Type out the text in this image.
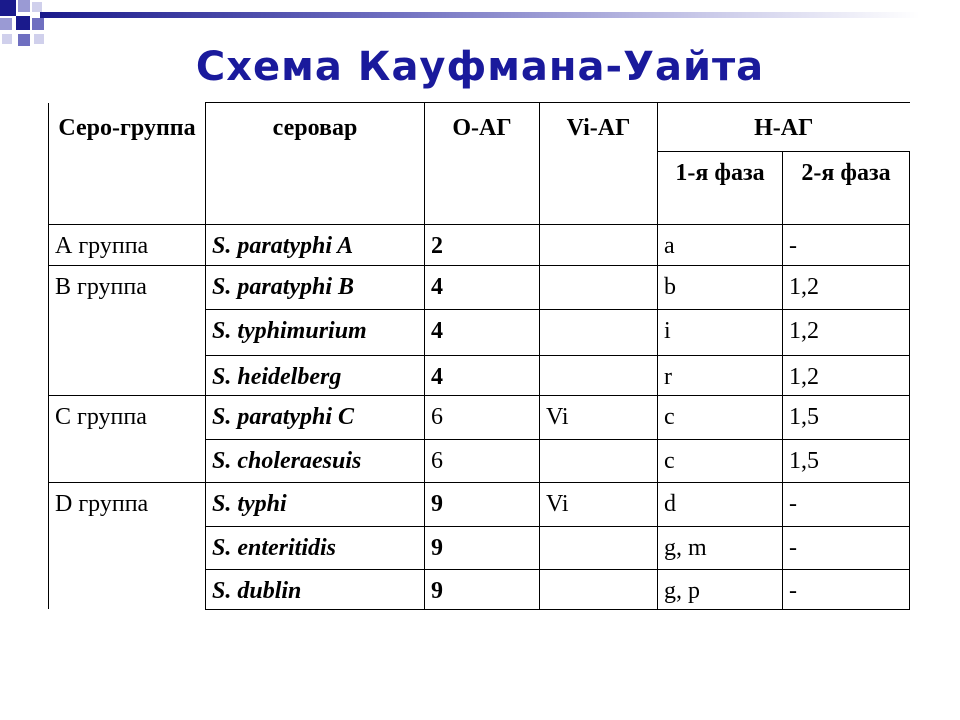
Схема Кауфмана-Уайта
Серо-группа	серовар	О-АГ	Vi-АГ	Н-АГ	
				1-я фаза	2-я фаза
А группа	S. paratyphi A	2		a	-
В группа	S. paratyphi B	4		b	1,2
	S. typhimurium	4		i	1,2
	S. heidelberg	4		r	1,2
С группа	S. paratyphi C	6	Vi	c	1,5
	S. choleraesuis	6		c	1,5
D группа	S. typhi	9	Vi	d	-
	S. enteritidis	9		g, m	-
	S. dublin	9		g, p	-
